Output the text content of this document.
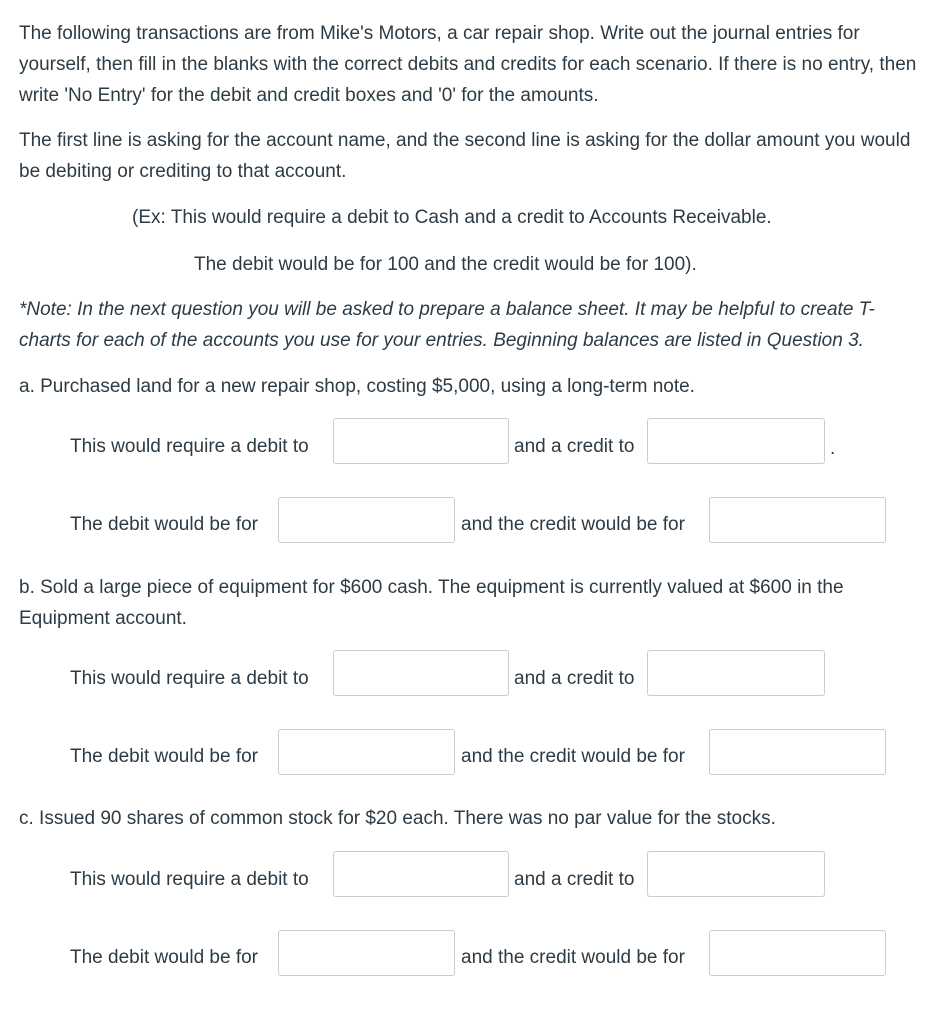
The following transactions are from Mike's Motors, a car repair shop. Write out the journal entries for yourself, then fill in the blanks with the correct debits and credits for each scenario. If there is no entry, then write 'No Entry' for the debit and credit boxes and '0' for the amounts.
The first line is asking for the account name, and the second line is asking for the dollar amount you would be debiting or crediting to that account.
(Ex: This would require a debit to Cash and a credit to Accounts Receivable.
The debit would be for 100 and the credit would be for 100).
*Note: In the next question you will be asked to prepare a balance sheet. It may be helpful to create T-charts for each of the accounts you use for your entries. Beginning balances are listed in Question 3.
a. Purchased land for a new repair shop, costing $5,000, using a long-term note.
This would require a debit to	and a credit to	.
The debit would be for	and the credit would be for
b. Sold a large piece of equipment for $600 cash. The equipment is currently valued at $600 in the Equipment account.
This would require a debit to	and a credit to
The debit would be for	and the credit would be for
c. Issued 90 shares of common stock for $20 each. There was no par value for the stocks.
This would require a debit to	and a credit to
The debit would be for	and the credit would be for
